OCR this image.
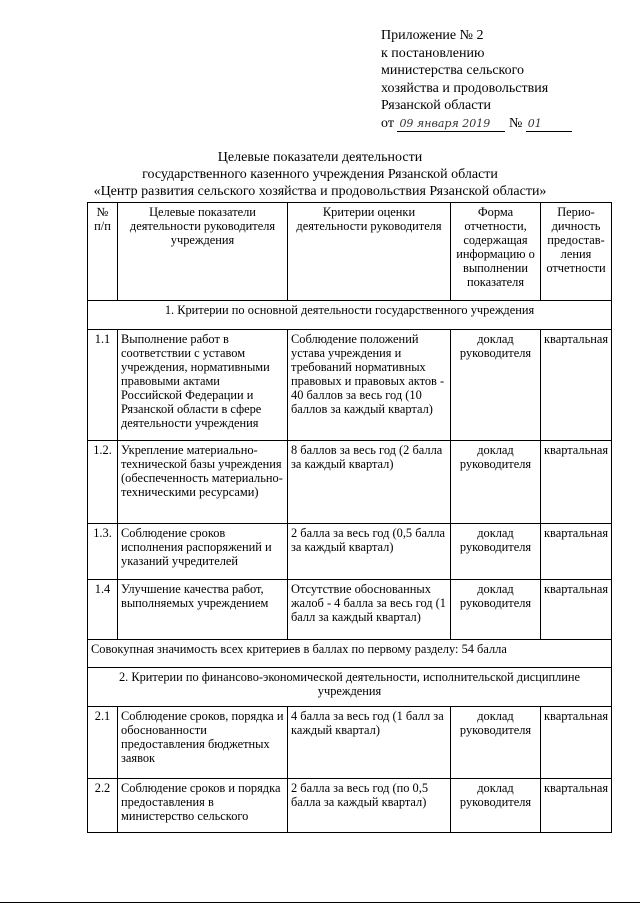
Приложение № 2
к постановлению
министерства сельского
хозяйства и продовольствия
Рязанской области
от 09 января 2019 № 01
Целевые показатели деятельности
государственного казенного учреждения Рязанской области
«Центр развития сельского хозяйства и продовольствия Рязанской области»
№ п/п	Целевые показатели деятельности руководителя учреждения	Критерии оценки деятельности руководителя	Форма отчетности, содержащая информацию о выполнении показателя	Перио-дичность предостав-ления отчетности
1. Критерии по основной деятельности государственного учреждения				
1.1	Выполнение работ в соответствии с уставом учреждения, нормативными правовыми актами Российской Федерации и Рязанской области в сфере деятельности учреждения	Соблюдение положений устава учреждения и требований нормативных правовых и правовых актов - 40 баллов за весь год (10 баллов за каждый квартал)	доклад руководителя	квартальная
1.2.	Укрепление материально-технической базы учреждения (обеспеченность материально-техническими ресурсами)	8 баллов за весь год (2 балла за каждый квартал)	доклад руководителя	квартальная
1.3.	Соблюдение сроков исполнения распоряжений и указаний учредителей	2 балла за весь год (0,5 балла за каждый квартал)	доклад руководителя	квартальная
1.4	Улучшение качества работ, выполняемых учреждением	Отсутствие обоснованных жалоб - 4 балла за весь год (1 балл за каждый квартал)	доклад руководителя	квартальная
Совокупная значимость всех критериев в баллах по первому разделу: 54 балла				
2. Критерии по финансово-экономической деятельности, исполнительской дисциплине учреждения				
2.1	Соблюдение сроков, порядка и обоснованности предоставления бюджетных заявок	4 балла за весь год (1 балл за каждый квартал)	доклад руководителя	квартальная
2.2	Соблюдение сроков и порядка предоставления в министерство сельского	2 балла за весь год (по 0,5 балла за каждый квартал)	доклад руководителя	квартальная
